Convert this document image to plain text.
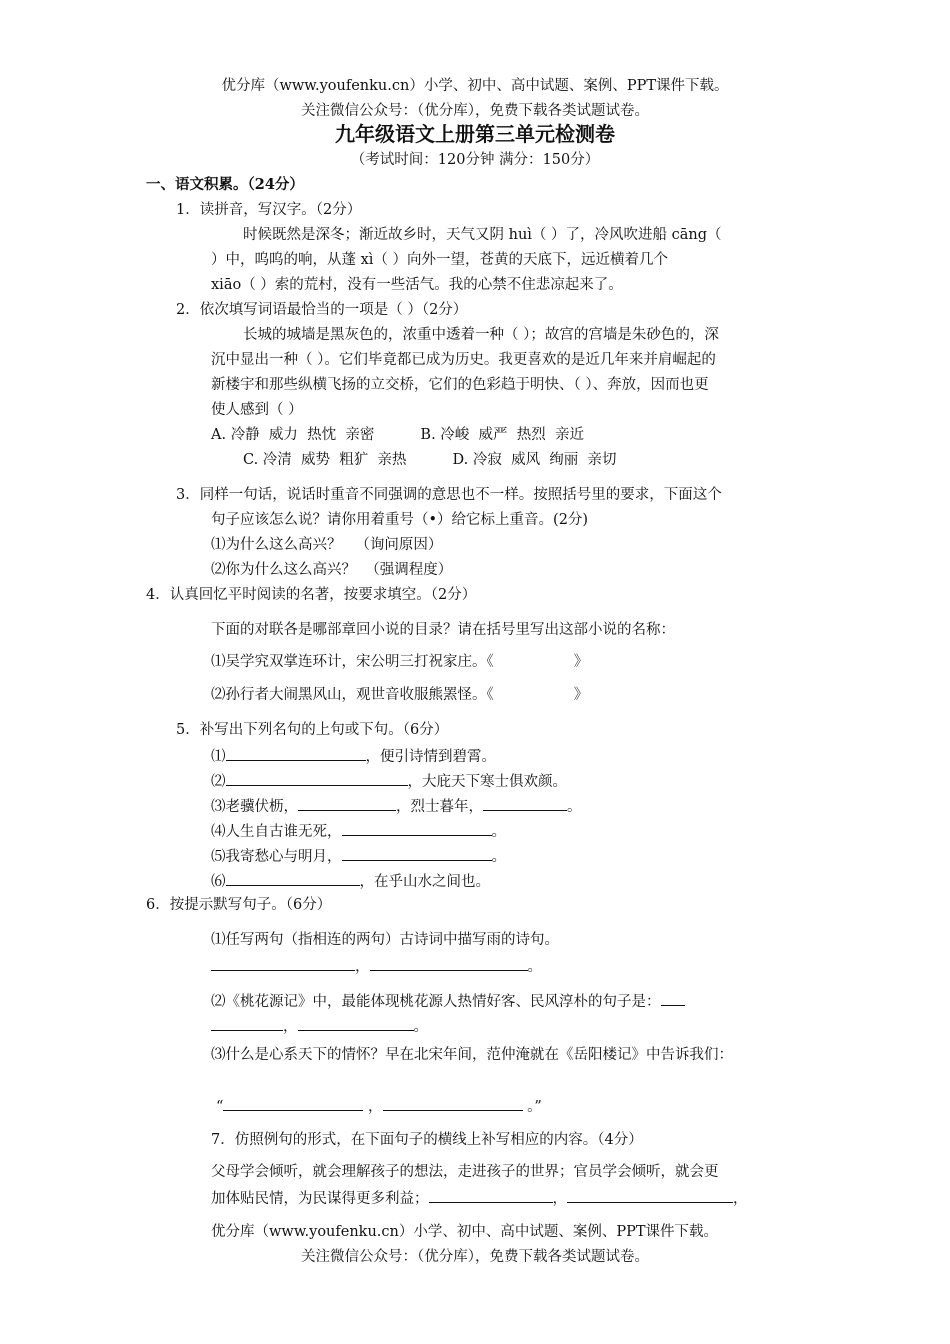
优分库（www.youfenku.cn）小学、初中、高中试题、案例、PPT课件下载。
关注微信公众号：（优分库），免费下载各类试题试卷。
九年级语文上册第三单元检测卷
（考试时间：120分钟 满分：150分）
一、语文积累。（24分）
1．读拼音，写汉字。（2分）
时候既然是深冬；渐近故乡时，天气又阴 huì（ ）了，冷风吹进船 cāng（
）中，呜呜的响，从蓬 xì（ ）向外一望，苍黄的天底下，远近横着几个
xiāo（ ）索的荒村，没有一些活气。我的心禁不住悲凉起来了。
2．依次填写词语最恰当的一项是（ ）（2分）
长城的城墙是黑灰色的，浓重中透着一种（ ）；故宫的宫墙是朱砂色的，深
沉中显出一种（ ）。它们毕竟都已成为历史。我更喜欢的是近几年来并肩崛起的
新楼宇和那些纵横飞扬的立交桥，它们的色彩趋于明快、（ ）、奔放，因而也更
使人感到（ ）
A. 冷静  威力  热忱  亲密          B. 冷峻  威严  热烈  亲近
C. 冷清  威势  粗犷  亲热          D. 冷寂  威风  绚丽  亲切
3．同样一句话，说话时重音不同强调的意思也不一样。按照括号里的要求，下面这个
句子应该怎么说？请你用着重号（•）给它标上重音。(2分)
⑴为什么这么高兴？   （询问原因）
⑵你为什么这么高兴？  （强调程度）
4．认真回忆平时阅读的名著，按要求填空。（2分）
下面的对联各是哪部章回小说的目录？请在括号里写出这部小说的名称：
⑴吴学究双掌连环计，宋公明三打祝家庄。《	》
⑵孙行者大闹黑风山，观世音收服熊罴怪。《	》
5．补写出下列名句的上句或下句。（6分）
⑴	，便引诗情到碧霄。
⑵	，大庇天下寒士俱欢颜。
⑶老骥伏枥，	，烈士暮年，	。
⑷人生自古谁无死，	。
⑸我寄愁心与明月，	。
⑹	，在乎山水之间也。
6．按提示默写句子。（6分）
⑴任写两句（指相连的两句）古诗词中描写雨的诗句。
，	。
⑵《桃花源记》中，最能体现桃花源人热情好客、民风淳朴的句子是：
，	。
⑶什么是心系天下的情怀？早在北宋年间，范仲淹就在《岳阳楼记》中告诉我们：
“	，	。”
7．仿照例句的形式，在下面句子的横线上补写相应的内容。（4分）
父母学会倾听，就会理解孩子的想法，走进孩子的世界；官员学会倾听，就会更
加体贴民情，为民谋得更多利益；	，	，
优分库（www.youfenku.cn）小学、初中、高中试题、案例、PPT课件下载。
关注微信公众号：（优分库），免费下载各类试题试卷。
